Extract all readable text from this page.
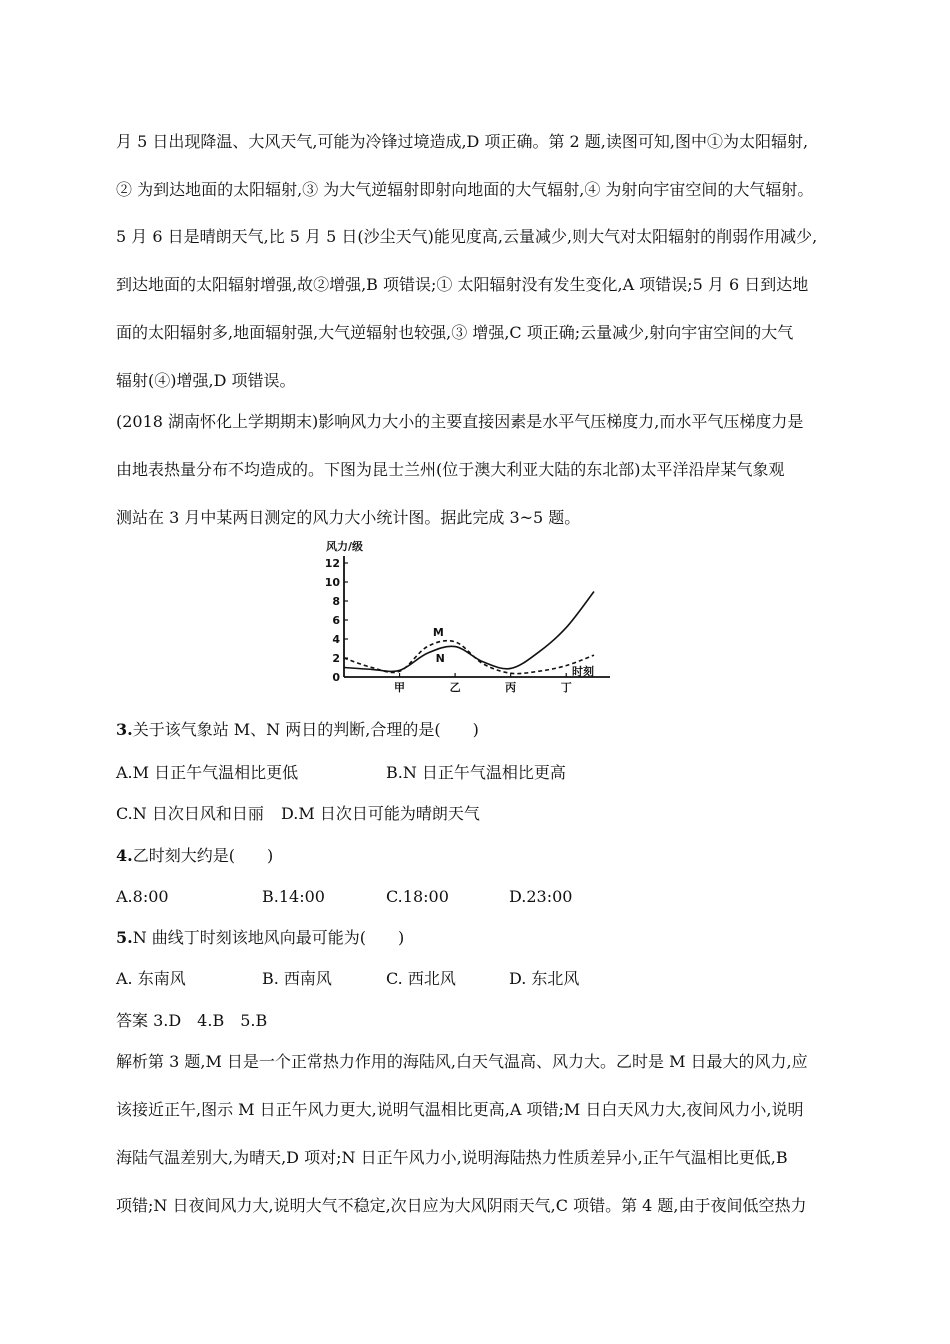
月 5 日出现降温、大风天气,可能为冷锋过境造成,D 项正确。第 2 题,读图可知,图中①为太阳辐射,
② 为到达地面的太阳辐射,③ 为大气逆辐射即射向地面的大气辐射,④ 为射向宇宙空间的大气辐射。
5 月 6 日是晴朗天气,比 5 月 5 日(沙尘天气)能见度高,云量减少,则大气对太阳辐射的削弱作用减少,
到达地面的太阳辐射增强,故②增强,B 项错误;① 太阳辐射没有发生变化,A 项错误;5 月 6 日到达地
面的太阳辐射多,地面辐射强,大气逆辐射也较强,③ 增强,C 项正确;云量减少,射向宇宙空间的大气
辐射(④)增强,D 项错误。
(2018 湖南怀化上学期期末)影响风力大小的主要直接因素是水平气压梯度力,而水平气压梯度力是
由地表热量分布不均造成的。下图为昆士兰州(位于澳大利亚大陆的东北部)太平洋沿岸某气象观
测站在 3 月中某两日测定的风力大小统计图。据此完成 3~5 题。
风力/级
时刻
0
2
4
6
8
10
12
甲	乙	丙	丁
M
N
3.关于该气象站 M、N 两日的判断,合理的是(　　)
A.M 日正午气温相比更低	B.N 日正午气温相比更高
C.N 日次日风和日丽 D.M 日次日可能为晴朗天气
4.乙时刻大约是(　　)
A.8:00	B.14:00	C.18:00	D.23:00
5.N 曲线丁时刻该地风向最可能为(　　)
A. 东南风	B. 西南风	C. 西北风	D. 东北风
答案 3.D　4.B　5.B
解析第 3 题,M 日是一个正常热力作用的海陆风,白天气温高、风力大。乙时是 M 日最大的风力,应
该接近正午,图示 M 日正午风力更大,说明气温相比更高,A 项错;M 日白天风力大,夜间风力小,说明
海陆气温差别大,为晴天,D 项对;N 日正午风力小,说明海陆热力性质差异小,正午气温相比更低,B
项错;N 日夜间风力大,说明大气不稳定,次日应为大风阴雨天气,C 项错。第 4 题,由于夜间低空热力
